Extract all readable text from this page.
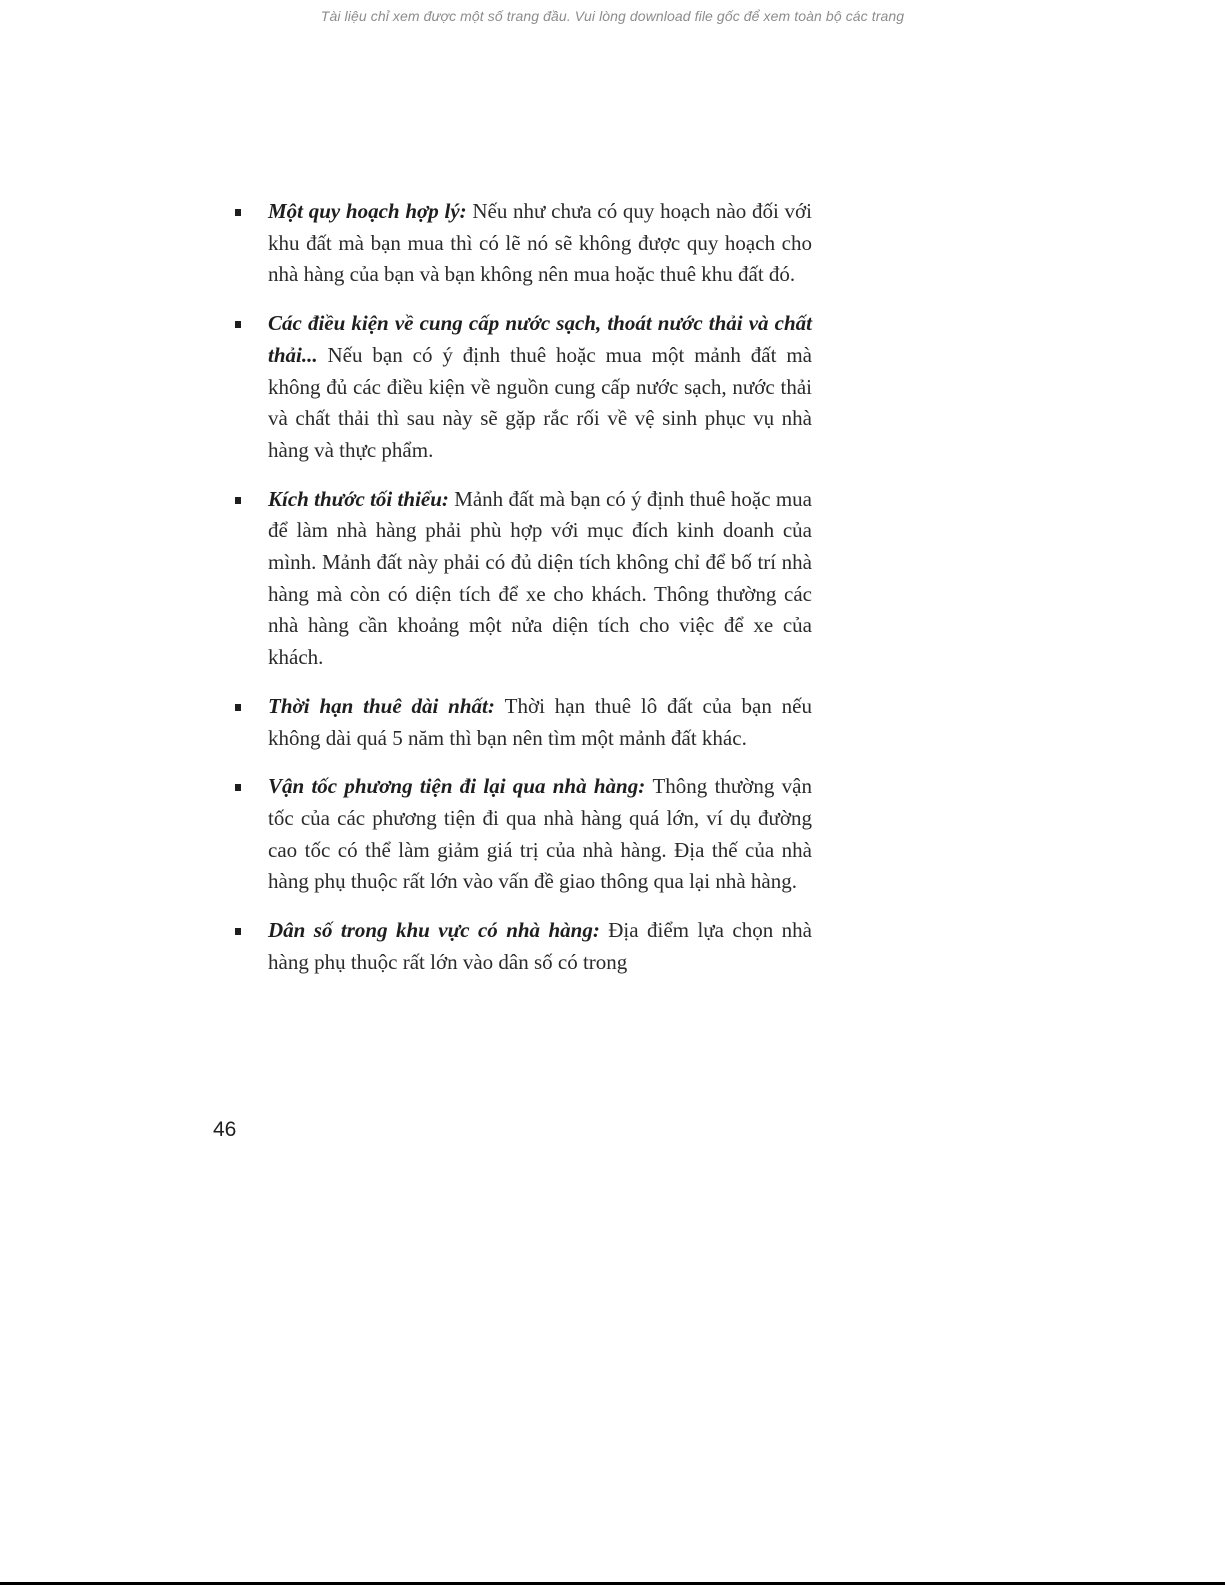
Tài liệu chỉ xem được một số trang đầu. Vui lòng download file gốc để xem toàn bộ các trang
Một quy hoạch hợp lý: Nếu như chưa có quy hoạch nào đối với khu đất mà bạn mua thì có lẽ nó sẽ không được quy hoạch cho nhà hàng của bạn và bạn không nên mua hoặc thuê khu đất đó.
Các điều kiện về cung cấp nước sạch, thoát nước thải và chất thải... Nếu bạn có ý định thuê hoặc mua một mảnh đất mà không đủ các điều kiện về nguồn cung cấp nước sạch, nước thải và chất thải thì sau này sẽ gặp rắc rối về vệ sinh phục vụ nhà hàng và thực phẩm.
Kích thước tối thiểu: Mảnh đất mà bạn có ý định thuê hoặc mua để làm nhà hàng phải phù hợp với mục đích kinh doanh của mình. Mảnh đất này phải có đủ diện tích không chỉ để bố trí nhà hàng mà còn có diện tích để xe cho khách. Thông thường các nhà hàng cần khoảng một nửa diện tích cho việc để xe của khách.
Thời hạn thuê dài nhất: Thời hạn thuê lô đất của bạn nếu không dài quá 5 năm thì bạn nên tìm một mảnh đất khác.
Vận tốc phương tiện đi lại qua nhà hàng: Thông thường vận tốc của các phương tiện đi qua nhà hàng quá lớn, ví dụ đường cao tốc có thể làm giảm giá trị của nhà hàng. Địa thế của nhà hàng phụ thuộc rất lớn vào vấn đề giao thông qua lại nhà hàng.
Dân số trong khu vực có nhà hàng: Địa điểm lựa chọn nhà hàng phụ thuộc rất lớn vào dân số có trong
46
